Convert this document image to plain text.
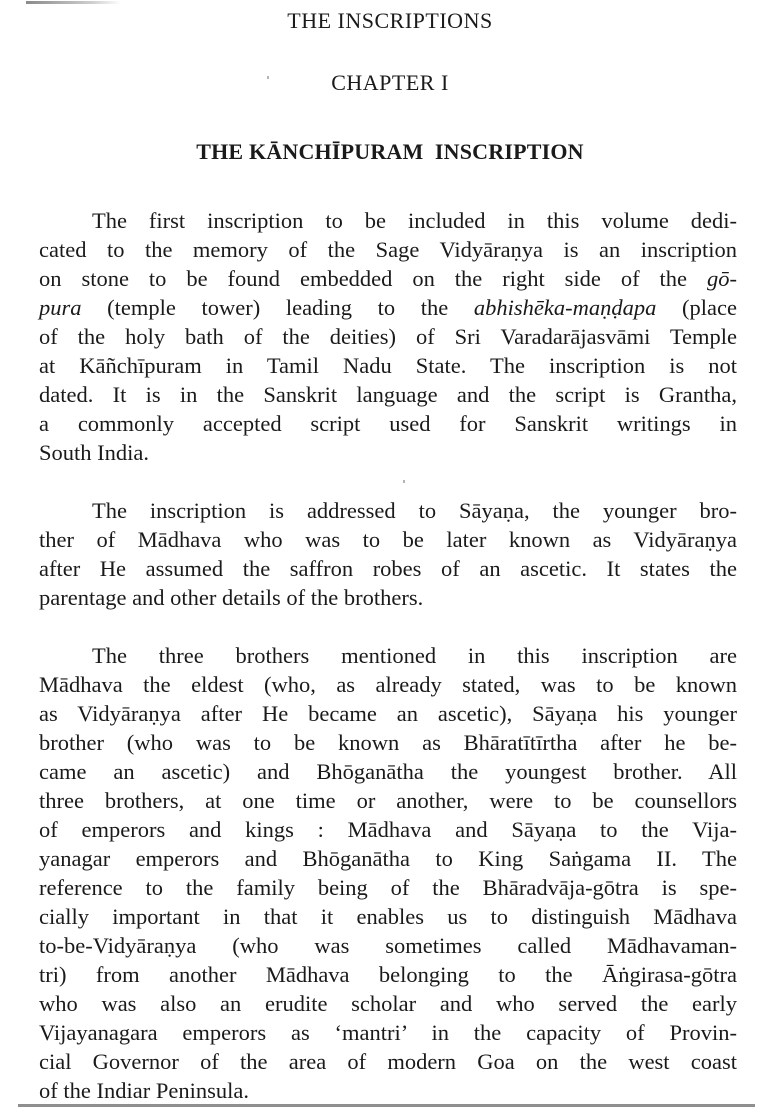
THE INSCRIPTIONS
CHAPTER I
THE KĀNCHĪPURAM  INSCRIPTION
The first inscription to be included in this volume dedi-
cated to the memory of the Sage Vidyāraṇya is an inscription
on stone to be found embedded on the right side of the gō-
pura (temple tower) leading to the abhishēka-maṇḍapa (place
of the holy bath of the deities) of Sri Varadarājasvāmi Temple
at Kāñchīpuram in Tamil Nadu State. The inscription is not
dated. It is in the Sanskrit language and the script is Grantha,
a commonly accepted script used for Sanskrit writings in
South India.
The inscription is addressed to Sāyaṇa, the younger bro-
ther of Mādhava who was to be later known as Vidyāraṇya
after He assumed the saffron robes of an ascetic. It states the
parentage and other details of the brothers.
The three brothers mentioned in this inscription are
Mādhava the eldest (who, as already stated, was to be known
as Vidyāraṇya after He became an ascetic), Sāyaṇa his younger
brother (who was to be known as Bhāratītīrtha after he be-
came an ascetic) and Bhōganātha the youngest brother. All
three brothers, at one time or another, were to be counsellors
of emperors and kings : Mādhava and Sāyaṇa to the Vija-
yanagar emperors and Bhōganātha to King Saṅgama II. The
reference to the family being of the Bhāradvāja-gōtra is spe-
cially important in that it enables us to distinguish Mādhava
to-be-Vidyāraṇya (who was sometimes called Mādhavaman-
tri) from another Mādhava belonging to the Āṅgirasa-gōtra
who was also an erudite scholar and who served the early
Vijayanagara emperors as ‘mantri’ in the capacity of Provin-
cial Governor of the area of modern Goa on the west coast
of the Indiar Peninsula.
